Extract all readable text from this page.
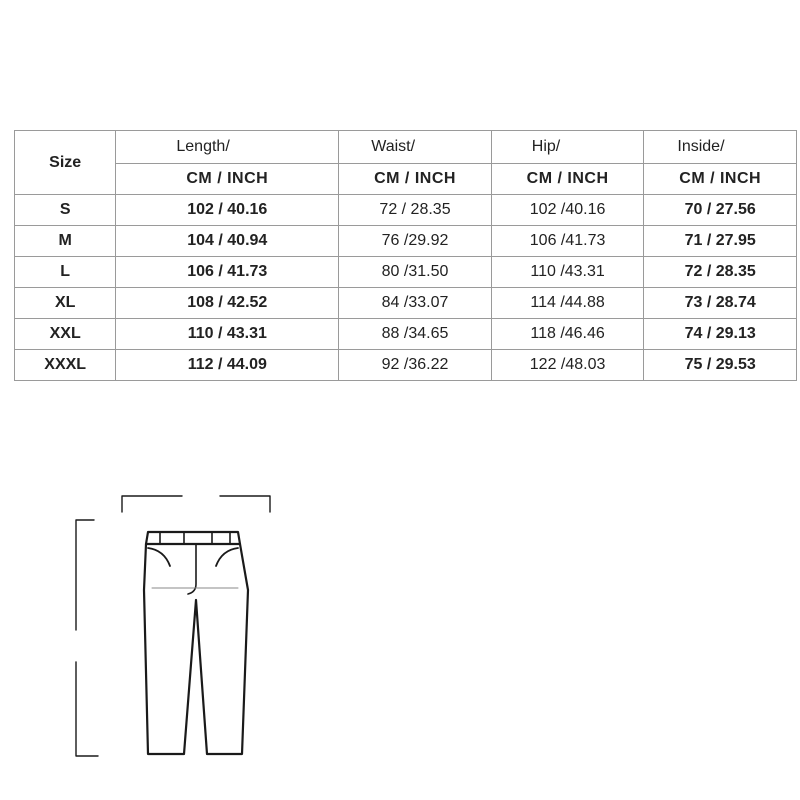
Size	Length/	Waist/	Hip/	Inside/
	CM / INCH	CM / INCH	CM / INCH	CM / INCH
S	102 / 40.16	72 / 28.35	102 /40.16	70 / 27.56
M	104 / 40.94	76 /29.92	106 /41.73	71 / 27.95
L	106 / 41.73	80 /31.50	110 /43.31	72 / 28.35
XL	108 / 42.52	84 /33.07	114 /44.88	73 / 28.74
XXL	110 / 43.31	88 /34.65	118 /46.46	74 / 29.13
XXXL	112 / 44.09	92 /36.22	122 /48.03	75 / 29.53
